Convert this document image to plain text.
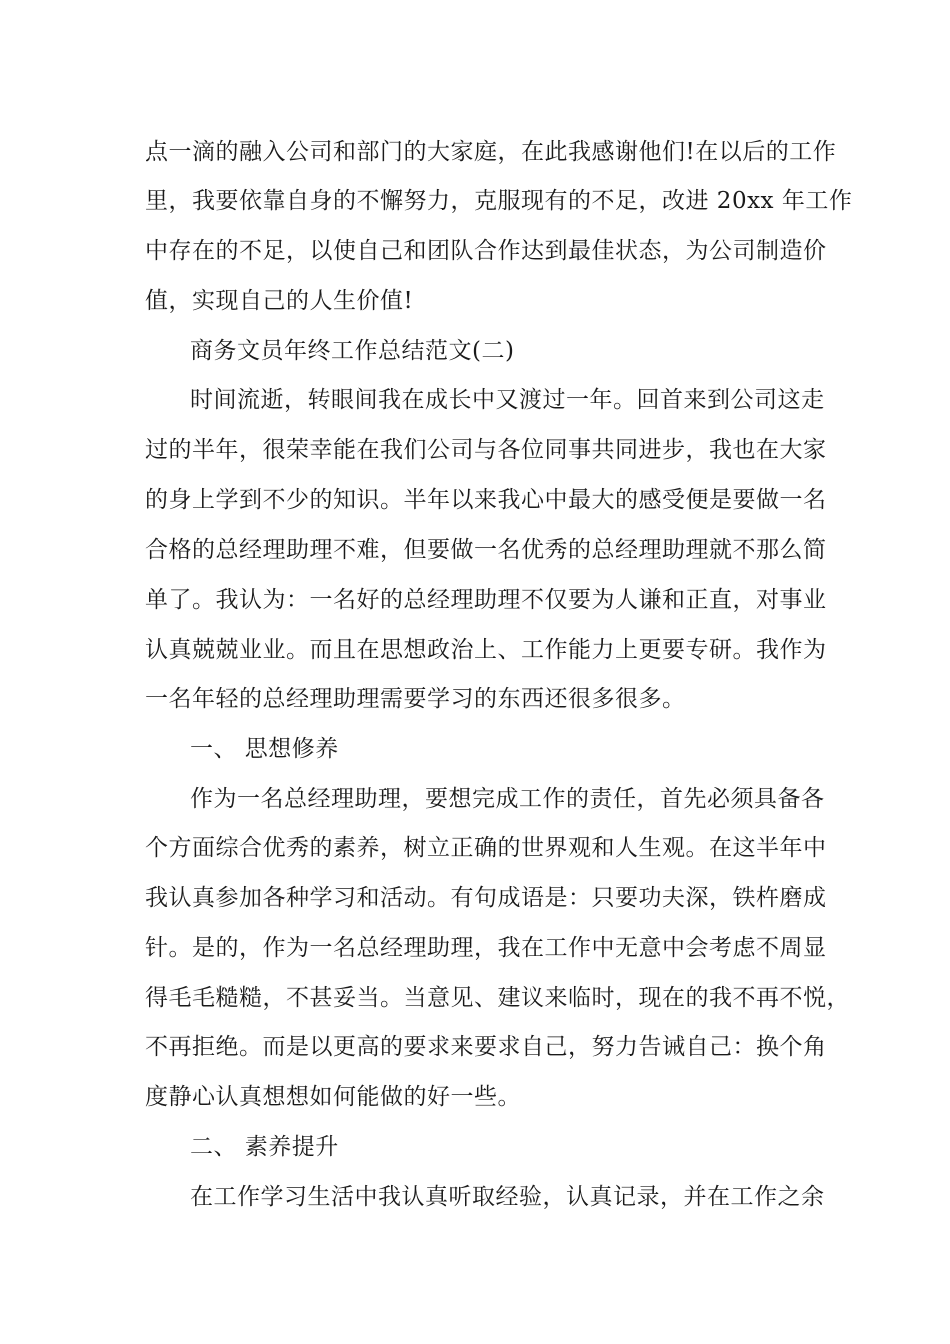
点一滴的融入公司和部门的大家庭，在此我感谢他们!在以后的工作
里，我要依靠自身的不懈努力，克服现有的不足，改进 20xx 年工作
中存在的不足，以使自己和团队合作达到最佳状态，为公司制造价
值，实现自己的人生价值!
商务文员年终工作总结范文(二)
时间流逝，转眼间我在成长中又渡过一年。回首来到公司这走
过的半年，很荣幸能在我们公司与各位同事共同进步，我也在大家
的身上学到不少的知识。半年以来我心中最大的感受便是要做一名
合格的总经理助理不难，但要做一名优秀的总经理助理就不那么简
单了。我认为：一名好的总经理助理不仅要为人谦和正直，对事业
认真兢兢业业。而且在思想政治上、工作能力上更要专研。我作为
一名年轻的总经理助理需要学习的东西还很多很多。
一、 思想修养
作为一名总经理助理，要想完成工作的责任，首先必须具备各
个方面综合优秀的素养，树立正确的世界观和人生观。在这半年中
我认真参加各种学习和活动。有句成语是：只要功夫深，铁杵磨成
针。是的，作为一名总经理助理，我在工作中无意中会考虑不周显
得毛毛糙糙，不甚妥当。当意见、建议来临时，现在的我不再不悦，
不再拒绝。而是以更高的要求来要求自己，努力告诫自己：换个角
度静心认真想想如何能做的好一些。
二、 素养提升
在工作学习生活中我认真听取经验，认真记录，并在工作之余
